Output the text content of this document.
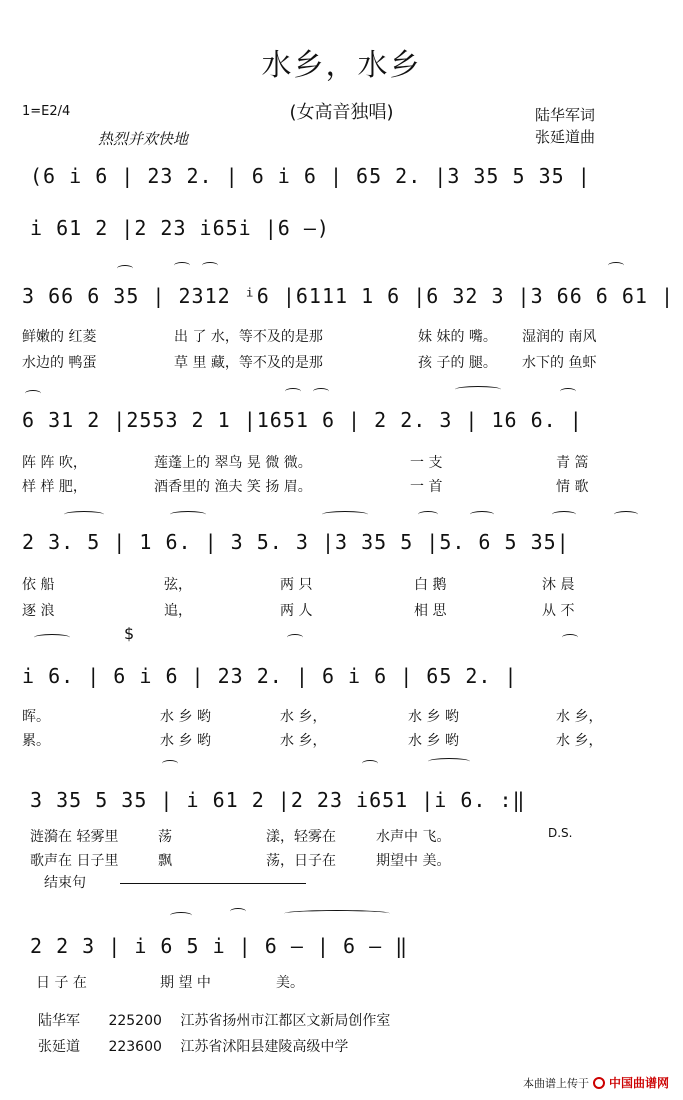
水乡，水乡
(女高音独唱)
1=E2/4
热烈并欢快地
陆华军词
张延道曲
(6 i 6 | 23 2. | 6 i 6 | 65 2. |3 35 5 35 |
i 61 2 |2 23 i65i |6 —)
3 66 6 35 | 2312 ⁱ6 |6111 1 6 |6 32 3 |3 66 6 61 |
鲜嫩的 红菱	出 了 水，等不及的是那	妹 妹的 嘴。 湿润的 南风
水边的 鸭蛋	草 里 藏，等不及的是那	孩 子的 腿。 水下的 鱼虾
6 31 2 |2553 2 1 |1651 6 | 2 2. 3 | 16 6. |
阵 阵 吹，	莲蓬上的 翠鸟 晃 微 微。	一 支	青 篙
样 样 肥，	酒香里的 渔夫 笑 扬 眉。	一 首	情 歌
2 3. 5 | 1 6. | 3 5. 3 |3 35 5 |5. 6 5 35|
依 船	弦，	两 只	白 鹅	沐 晨
逐 浪	追，	两 人	相 思	从 不
$
i 6. | 6 i 6 | 23 2. | 6 i 6 | 65 2. |
晖。	水 乡 哟	水 乡，	水 乡 哟	水 乡，
累。	水 乡 哟	水 乡，	水 乡 哟	水 乡，
3 35 5 35 | i 61 2 |2 23 i651 |i 6. :‖
涟漪在 轻雾里	荡	漾，轻雾在	水声中 飞。	D.S.
歌声在 日子里	飘	荡，日子在	期望中 美。
结束句
2 2 3 | i 6 5 i | 6 — | 6 — ‖
日 子 在	期 望 中	美。
陆华军 225200 江苏省扬州市江都区文新局创作室
张延道 223600 江苏省沭阳县建陵高级中学
本曲谱上传于 中国曲谱网
